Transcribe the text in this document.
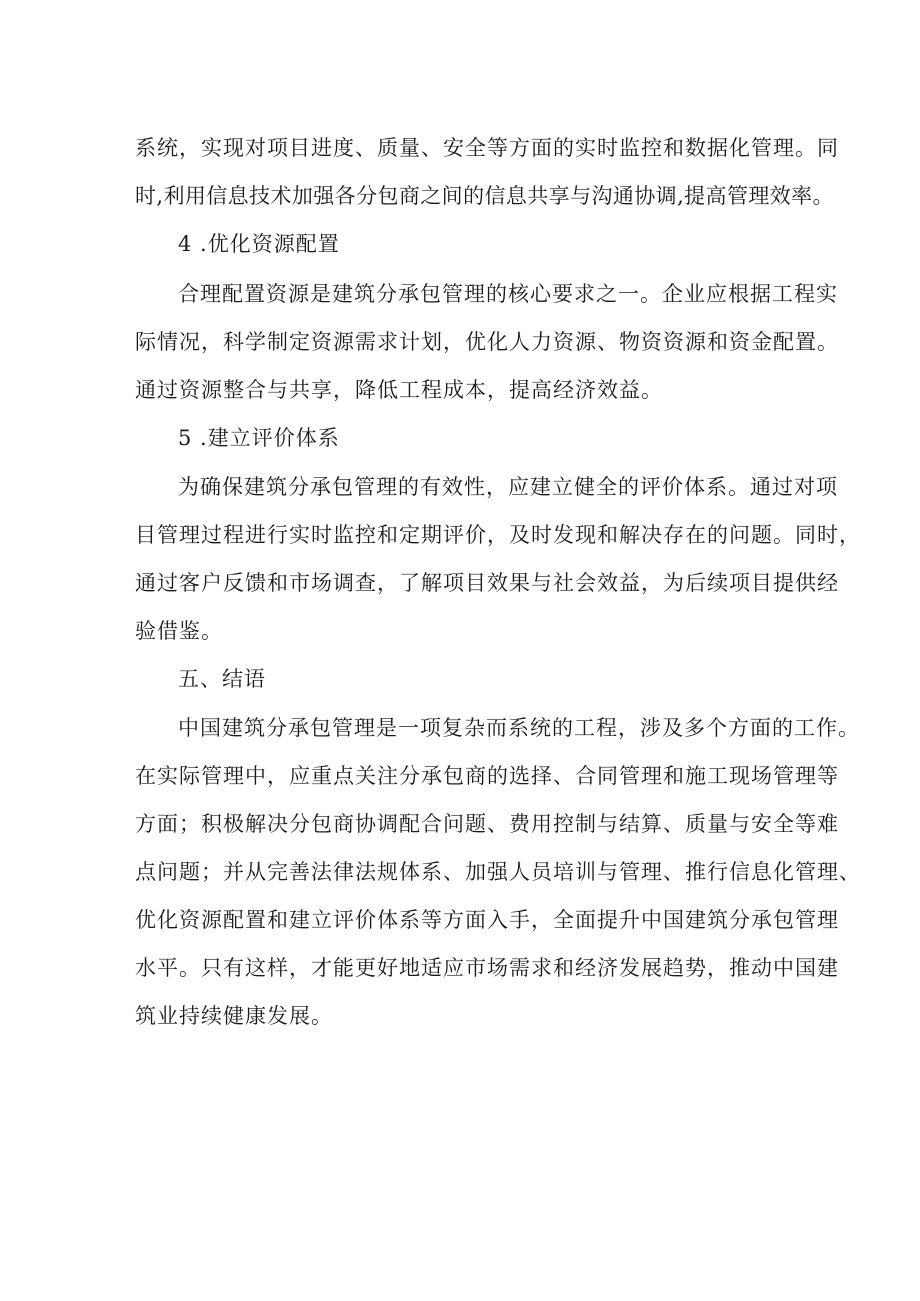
系统，实现对项目进度、质量、安全等方面的实时监控和数据化管理。同
时,利用信息技术加强各分包商之间的信息共享与沟通协调,提高管理效率。
4 .优化资源配置
合理配置资源是建筑分承包管理的核心要求之一。企业应根据工程实
际情况，科学制定资源需求计划，优化人力资源、物资资源和资金配置。
通过资源整合与共享，降低工程成本，提高经济效益。
5 .建立评价体系
为确保建筑分承包管理的有效性，应建立健全的评价体系。通过对项
目管理过程进行实时监控和定期评价，及时发现和解决存在的问题。同时，
通过客户反馈和市场调查，了解项目效果与社会效益，为后续项目提供经
验借鉴。
五、结语
中国建筑分承包管理是一项复杂而系统的工程，涉及多个方面的工作。
在实际管理中，应重点关注分承包商的选择、合同管理和施工现场管理等
方面；积极解决分包商协调配合问题、费用控制与结算、质量与安全等难
点问题；并从完善法律法规体系、加强人员培训与管理、推行信息化管理、
优化资源配置和建立评价体系等方面入手，全面提升中国建筑分承包管理
水平。只有这样，才能更好地适应市场需求和经济发展趋势，推动中国建
筑业持续健康发展。
